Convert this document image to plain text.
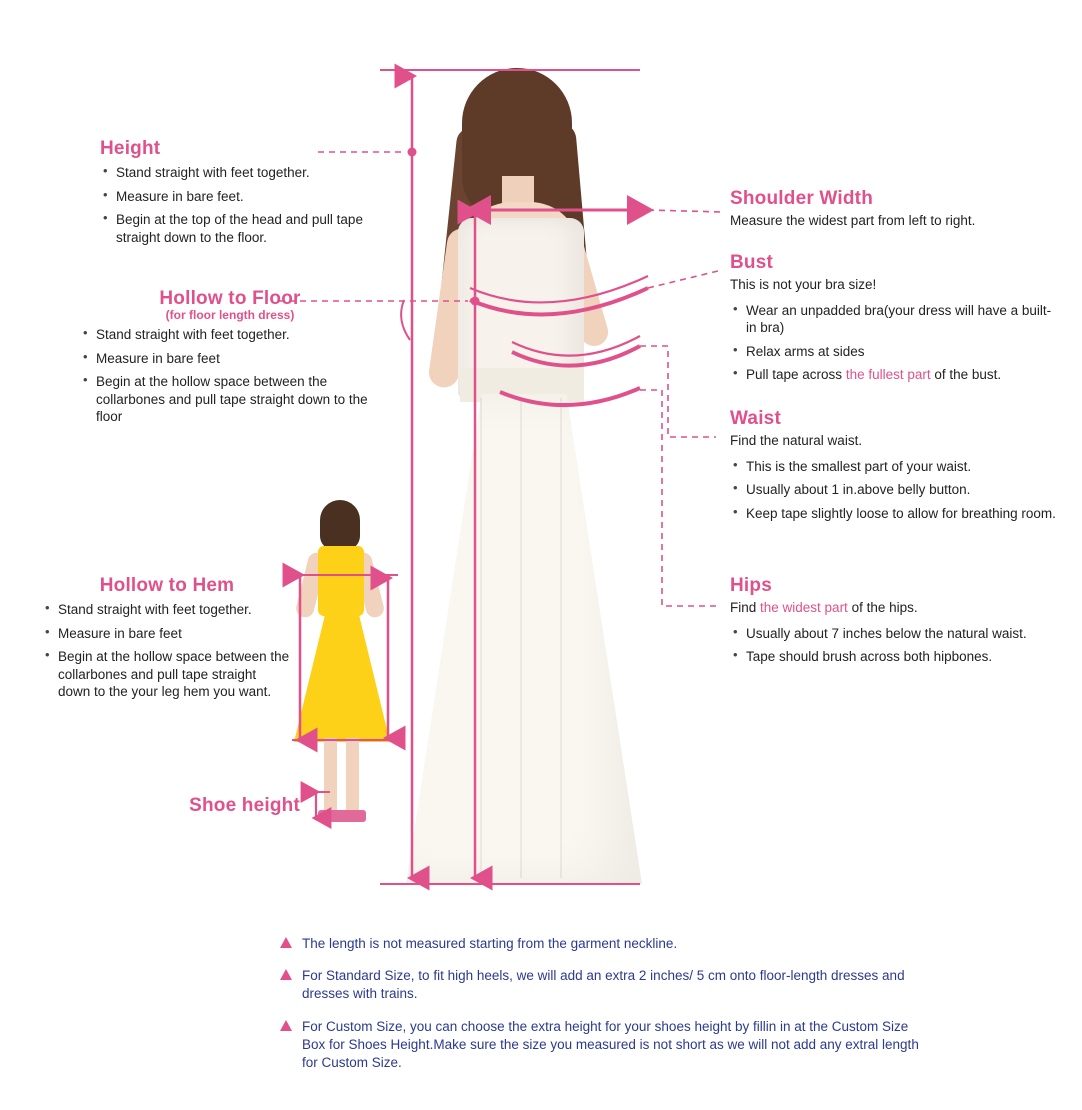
Height
• Stand straight with feet together.
• Measure in bare feet.
• Begin at the top of the head and pull tape straight down to the floor.
Hollow to Floor
(for floor length dress)
• Stand straight with feet together.
• Measure in bare feet
• Begin at the hollow space between the collarbones and pull tape straight down to the floor
Hollow to Hem
• Stand straight with feet together.
• Measure in bare feet
• Begin at the hollow space between the collarbones and pull tape straight down to the your leg hem you want.
Shoe height
Shoulder Width
Measure the widest part from left to right.
Bust
This is not your bra size!
• Wear an unpadded bra(your dress will have a built-in bra)
• Relax arms at sides
• Pull tape across the fullest part of the bust.
Waist
Find the natural waist.
• This is the smallest part of your waist.
• Usually about 1 in.above belly button.
• Keep tape slightly loose to allow for breathing room.
Hips
Find the widest part of the hips.
• Usually about 7 inches below the natural waist.
• Tape should brush across both hipbones.
The length is not measured starting from the garment neckline.
For Standard Size, to fit high heels, we will add an extra 2 inches/ 5 cm onto floor-length dresses and dresses with trains.
For Custom Size, you can choose the extra height for your shoes height by fillin in at the Custom Size Box for Shoes Height.Make sure the size you measured is not short as we will not add any extral length for Custom Size.
